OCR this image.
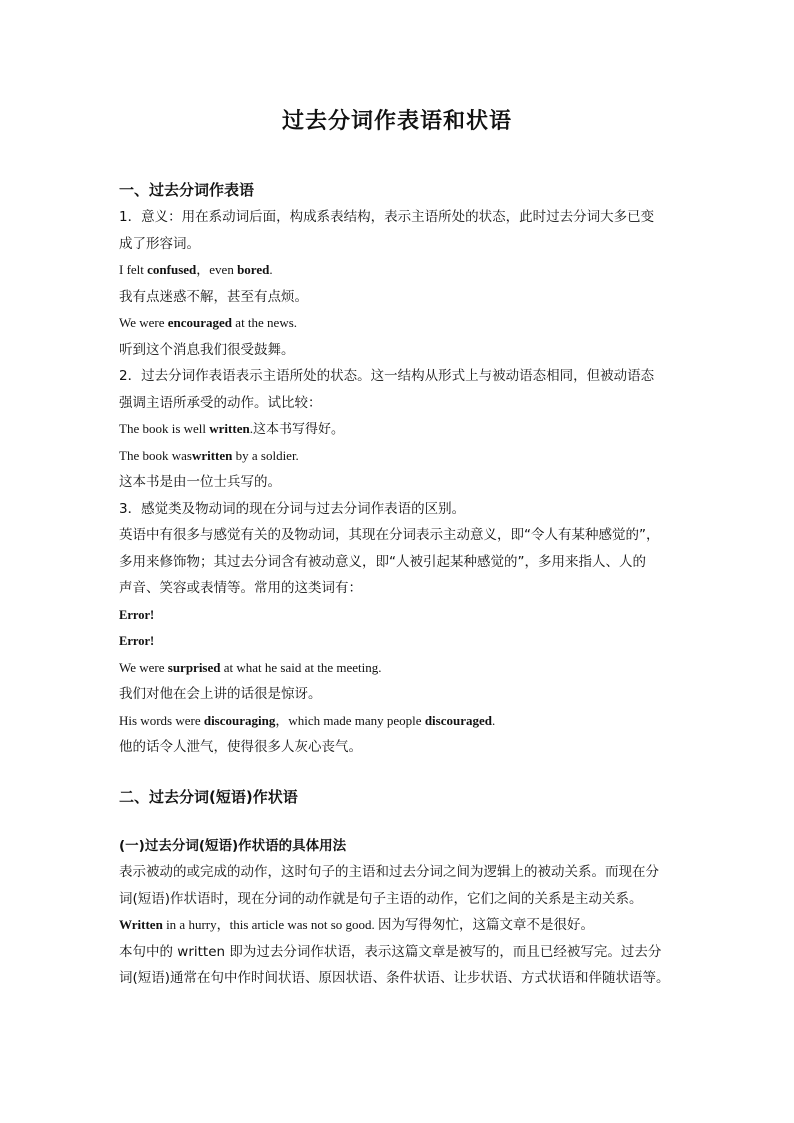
过去分词作表语和状语
一、过去分词作表语
1．意义：用在系动词后面，构成系表结构，表示主语所处的状态，此时过去分词大多已变
成了形容词。
I felt confused，even bored.
我有点迷惑不解，甚至有点烦。
We were encouraged at the news.
听到这个消息我们很受鼓舞。
2．过去分词作表语表示主语所处的状态。这一结构从形式上与被动语态相同，但被动语态
强调主语所承受的动作。试比较：
The book is well written.这本书写得好。
The book waswritten by a soldier.
这本书是由一位士兵写的。
3．感觉类及物动词的现在分词与过去分词作表语的区别。
英语中有很多与感觉有关的及物动词，其现在分词表示主动意义，即“令人有某种感觉的”，
多用来修饰物；其过去分词含有被动意义，即“人被引起某种感觉的”，多用来指人、人的
声音、笑容或表情等。常用的这类词有：
Error!
Error!
We were surprised at what he said at the meeting.
我们对他在会上讲的话很是惊讶。
His words were discouraging，which made many people discouraged.
他的话令人泄气，使得很多人灰心丧气。
二、过去分词(短语)作状语
(一)过去分词(短语)作状语的具体用法
表示被动的或完成的动作，这时句子的主语和过去分词之间为逻辑上的被动关系。而现在分
词(短语)作状语时，现在分词的动作就是句子主语的动作，它们之间的关系是主动关系。
Written in a hurry，this article was not so good. 因为写得匆忙，这篇文章不是很好。
本句中的 written 即为过去分词作状语，表示这篇文章是被写的，而且已经被写完。过去分
词(短语)通常在句中作时间状语、原因状语、条件状语、让步状语、方式状语和伴随状语等。
